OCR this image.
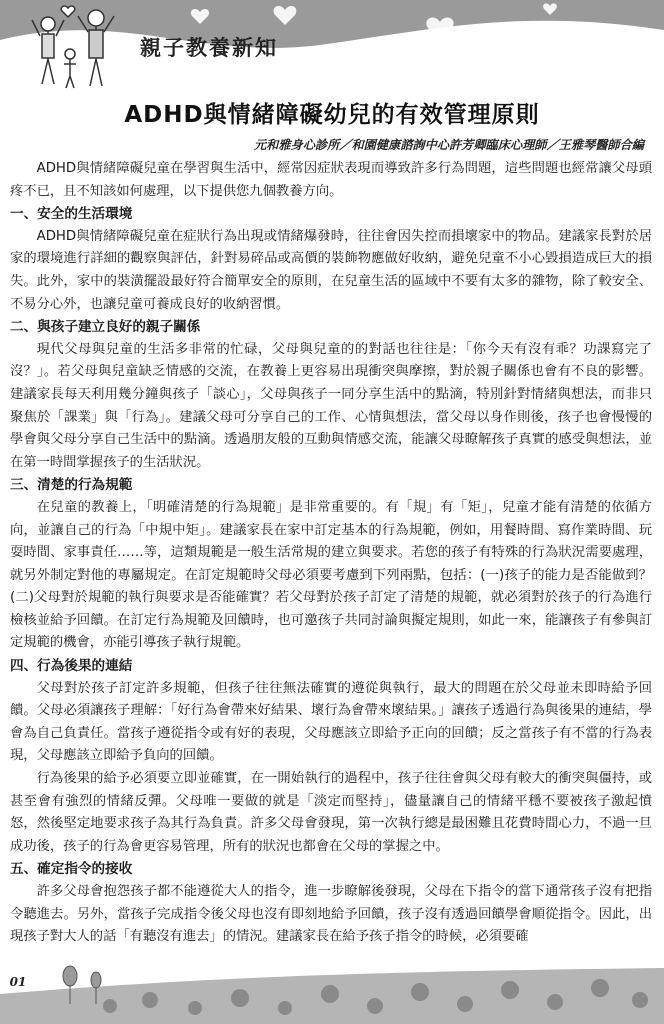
親子教養新知
ADHD與情緒障礙幼兒的有效管理原則
元和雅身心診所／和園健康諮詢中心許芳卿臨床心理師／王雅琴醫師合編

ADHD與情緒障礙兒童在學習與生活中，經常因症狀表現而導致許多行為問題，這些問題也經常讓父母頭疼不已，且不知該如何處理，以下提供您九個教養方向。

一、安全的生活環境

ADHD與情緒障礙兒童在症狀行為出現或情緒爆發時，往往會因失控而損壞家中的物品。建議家長對於居家的環境進行詳細的觀察與評估，針對易碎品或高價的裝飾物應做好收納，避免兒童不小心毀損造成巨大的損失。此外，家中的裝潢擺設最好符合簡單安全的原則，在兒童生活的區域中不要有太多的雜物，除了較安全、不易分心外，也讓兒童可養成良好的收納習慣。

二、與孩子建立良好的親子關係

現代父母與兒童的生活多非常的忙碌，父母與兒童的的對話也往往是：「你今天有沒有乖？功課寫完了沒？」。若父母與兒童缺乏情感的交流，在教養上更容易出現衝突與摩擦，對於親子關係也會有不良的影響。建議家長每天利用幾分鐘與孩子「談心」，父母與孩子一同分享生活中的點滴，特別針對情緒與想法，而非只聚焦於「課業」與「行為」。建議父母可分享自己的工作、心情與想法，當父母以身作則後，孩子也會慢慢的學會與父母分享自己生活中的點滴。透過朋友般的互動與情感交流，能讓父母瞭解孩子真實的感受與想法，並在第一時間掌握孩子的生活狀況。

三、清楚的行為規範

在兒童的教養上，「明確清楚的行為規範」是非常重要的。有「規」有「矩」，兒童才能有清楚的依循方向，並讓自己的行為「中規中矩」。建議家長在家中訂定基本的行為規範，例如，用餐時間、寫作業時間、玩耍時間、家事責任……等，這類規範是一般生活常規的建立與要求。若您的孩子有特殊的行為狀況需要處理，就另外制定對他的專屬規定。在訂定規範時父母必須要考慮到下列兩點，包括：(一)孩子的能力是否能做到？(二)父母對於規範的執行與要求是否能確實？若父母對於孩子訂定了清楚的規範，就必須對於孩子的行為進行檢核並給予回饋。在訂定行為規範及回饋時，也可邀孩子共同討論與擬定規則，如此一來，能讓孩子有參與訂定規範的機會，亦能引導孩子執行規範。

四、行為後果的連結

父母對於孩子訂定許多規範，但孩子往往無法確實的遵從與執行，最大的問題在於父母並未即時給予回饋。父母必須讓孩子理解：「好行為會帶來好結果、壞行為會帶來壞結果。」讓孩子透過行為與後果的連結，學會為自己負責任。當孩子遵從指令或有好的表現，父母應該立即給予正向的回饋；反之當孩子有不當的行為表現，父母應該立即給予負向的回饋。

行為後果的給予必須要立即並確實，在一開始執行的過程中，孩子往往會與父母有較大的衝突與僵持，或甚至會有強烈的情緒反彈。父母唯一要做的就是「淡定而堅持」，儘量讓自己的情緒平穩不要被孩子激起憤怒，然後堅定地要求孩子為其行為負責。許多父母會發現，第一次執行總是最困難且花費時間心力，不過一旦成功後，孩子的行為會更容易管理，所有的狀況也都會在父母的掌握之中。

五、確定指令的接收

許多父母會抱怨孩子都不能遵從大人的指令，進一步瞭解後發現，父母在下指令的當下通常孩子沒有把指令聽進去。另外，當孩子完成指令後父母也沒有即刻地給予回饋，孩子沒有透過回饋學會順從指令。因此，出現孩子對大人的話「有聽沒有進去」的情況。建議家長在給予孩子指令的時候，必須要確

01
